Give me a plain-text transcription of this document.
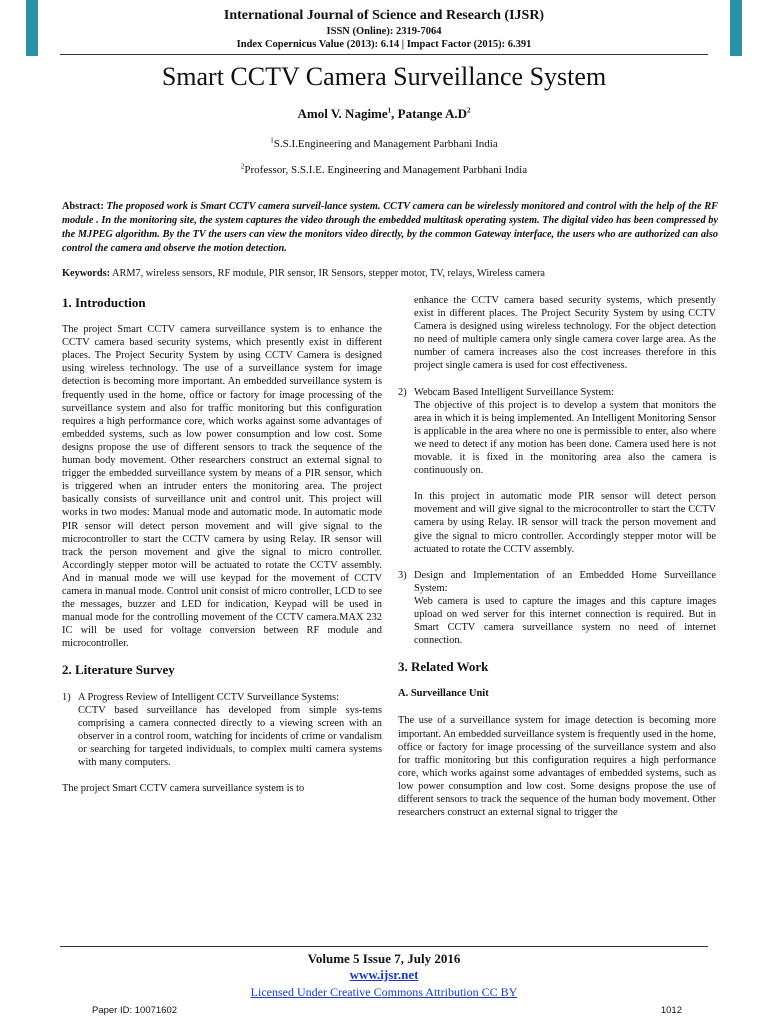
International Journal of Science and Research (IJSR)
ISSN (Online): 2319-7064
Index Copernicus Value (2013): 6.14 | Impact Factor (2015): 6.391
Smart CCTV Camera Surveillance System
Amol V. Nagime$^1$, Patange $A.D^2$
$^1$S.S.I.Engineering and Management Parbhani India
$^2$Professor, S.S.I.E. Engineering and Management Parbhani India
Abstract: The proposed work is Smart CCTV camera surveil-lance system. CCTV camera can be wirelessly monitored and control with the help of the RF module . In the monitoring site, the system captures the video through the embedded multitask operating system. The digital video has been compressed by the MJPEG algorithm. By the TV the users can view the monitors video directly, by the common Gateway interface, the users who are authorized can also control the camera and observe the motion detection.
Keywords: ARM7, wireless sensors, RF module, PIR sensor, IR Sensors, stepper motor, TV, relays, Wireless camera
1. Introduction

The project Smart CCTV camera surveillance system is to enhance the CCTV camera based security systems, which presently exist in different places. The Project Security System by using CCTV Camera is designed using wireless technology. The use of a surveillance system for image detection is becoming more important. An embedded surveillance system is frequently used in the home, office or factory for image processing of the surveillance system and also for traffic monitoring but this configuration requires a high performance core, which works against some advantages of embedded systems, such as low power consumption and low cost. Some designs propose the use of different sensors to track the sequence of the human body movement. Other researchers construct an external signal to trigger the embedded surveillance system by means of a PIR sensor, which is triggered when an intruder enters the monitoring area. The project basically consists of surveillance unit and control unit. This project will works in two modes: Manual mode and automatic mode. In automatic mode PIR sensor will detect person movement and will give signal to the microcontroller to start the CCTV camera by using Relay. IR sensor will track the person movement and give the signal to micro controller. Accordingly stepper motor will be actuated to rotate the CCTV assembly. And in manual mode we will use keypad for the movement of CCTV camera in manual mode. Control unit consist of micro controller, LCD to see the messages, buzzer and LED for indication, Keypad will be used in manual mode for the controlling movement of the CCTV camera.MAX 232 IC will be used for voltage conversion between RF module and microcontroller.

2. Literature Survey
1) A Progress Review of Intelligent CCTV Surveillance Systems:
CCTV based surveillance has developed from simple sys-tems comprising a camera connected directly to a viewing screen with an observer in a control room, watching for incidents of crime or vandalism or searching for targeted individuals, to complex multi camera systems with many computers.

The project Smart CCTV camera surveillance system is to

enhance the CCTV camera based security systems, which presently exist in different places. The Project Security System by using CCTV Camera is designed using wireless technology. For the object detection no need of multiple camera only single camera cover large area. As the number of camera increases also the cost increases therefore in this project single camera is used for cost effectiveness.
2) Webcam Based Intelligent Surveillance System:
The objective of this project is to develop a system that monitors the area in which it is being implemented. An Intelligent Monitoring Sensor is applicable in the area where no one is permissible to enter, also where we need to detect if any motion has been done. Camera used here is not movable. it is fixed in the monitoring area also the camera is continuously on.
In this project in automatic mode PIR sensor will detect person movement and will give signal to the microcontroller to start the CCTV camera by using Relay. IR sensor will track the person movement and give the signal to micro controller. Accordingly stepper motor will be actuated to rotate the CCTV assembly.
3) Design and Implementation of an Embedded Home Surveillance System:
Web camera is used to capture the images and this capture images upload on wed server for this internet connection is required. But in Smart CCTV camera surveillance system no need of internet connection.
3. Related Work
A. Surveillance Unit

The use of a surveillance system for image detection is becoming more important. An embedded surveillance system is frequently used in the home, office or factory for image processing of the surveillance system and also for traffic monitoring but this configuration requires a high performance core, which works against some advantages of embedded systems, such as low power consumption and low cost. Some designs propose the use of different sensors to track the sequence of the human body movement. Other researchers construct an external signal to trigger the

Volume 5 Issue 7, July 2016
www.ijsr.net
Licensed Under Creative Commons Attribution CC BY
Paper ID: 10071602	1012
